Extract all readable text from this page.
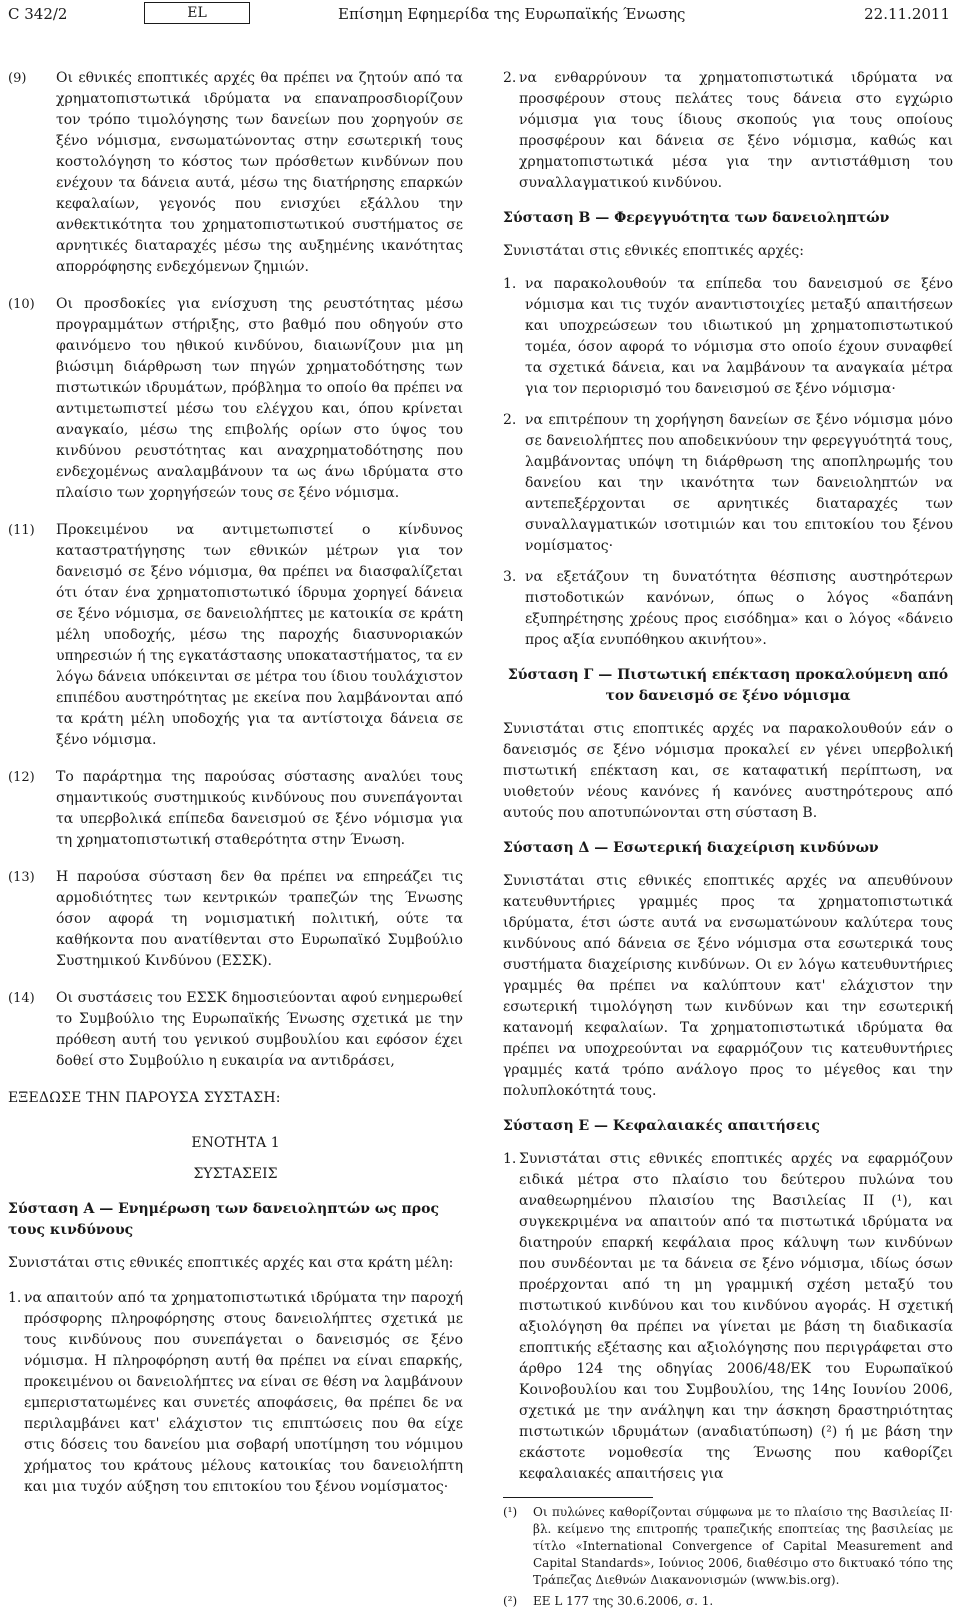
C 342/2	EL	Επίσημη Εφημερίδα της Ευρωπαϊκής Ένωσης	22.11.2011
(9)	Οι εθνικές εποπτικές αρχές θα πρέπει να ζητούν από τα χρηματοπιστωτικά ιδρύματα να επαναπροσδιορίζουν τον τρόπο τιμολόγησης των δανείων που χορηγούν σε ξένο νόμισμα, ενσωματώνοντας στην εσωτερική τους κοστολόγηση το κόστος των πρόσθετων κινδύνων που ενέχουν τα δάνεια αυτά, μέσω της διατήρησης επαρκών κεφαλαίων, γεγονός που ενισχύει εξάλλου την ανθεκτικότητα του χρηματοπιστωτικού συστήματος σε αρνητικές διαταραχές μέσω της αυξημένης ικανότητας απορρόφησης ενδεχόμενων ζημιών.
(10)	Οι προσδοκίες για ενίσχυση της ρευστότητας μέσω προγραμμάτων στήριξης, στο βαθμό που οδηγούν στο φαινόμενο του ηθικού κινδύνου, διαιωνίζουν μια μη βιώσιμη διάρθρωση των πηγών χρηματοδότησης των πιστωτικών ιδρυμάτων, πρόβλημα το οποίο θα πρέπει να αντιμετωπιστεί μέσω του ελέγχου και, όπου κρίνεται αναγκαίο, μέσω της επιβολής ορίων στο ύψος του κινδύνου ρευστότητας και αναχρηματοδότησης που ενδεχομένως αναλαμβάνουν τα ως άνω ιδρύματα στο πλαίσιο των χορηγήσεών τους σε ξένο νόμισμα.
(11)	Προκειμένου να αντιμετωπιστεί ο κίνδυνος καταστρατήγησης των εθνικών μέτρων για τον δανεισμό σε ξένο νόμισμα, θα πρέπει να διασφαλίζεται ότι όταν ένα χρηματοπιστωτικό ίδρυμα χορηγεί δάνεια σε ξένο νόμισμα, σε δανειολήπτες με κατοικία σε κράτη μέλη υποδοχής, μέσω της παροχής διασυνοριακών υπηρεσιών ή της εγκατάστασης υποκαταστήματος, τα εν λόγω δάνεια υπόκεινται σε μέτρα του ίδιου τουλάχιστον επιπέδου αυστηρότητας με εκείνα που λαμβάνονται από τα κράτη μέλη υποδοχής για τα αντίστοιχα δάνεια σε ξένο νόμισμα.
(12)	Το παράρτημα της παρούσας σύστασης αναλύει τους σημαντικούς συστημικούς κινδύνους που συνεπάγονται τα υπερβολικά επίπεδα δανεισμού σε ξένο νόμισμα για τη χρηματοπιστωτική σταθερότητα στην Ένωση.
(13)	Η παρούσα σύσταση δεν θα πρέπει να επηρεάζει τις αρμοδιότητες των κεντρικών τραπεζών της Ένωσης όσον αφορά τη νομισματική πολιτική, ούτε τα καθήκοντα που ανατίθενται στο Ευρωπαϊκό Συμβούλιο Συστημικού Κινδύνου (ΕΣΣΚ).
(14)	Οι συστάσεις του ΕΣΣΚ δημοσιεύονται αφού ενημερωθεί το Συμβούλιο της Ευρωπαϊκής Ένωσης σχετικά με την πρόθεση αυτή του γενικού συμβουλίου και εφόσον έχει δοθεί στο Συμβούλιο η ευκαιρία να αντιδράσει,

ΕΞΕΔΩΣΕ ΤΗΝ ΠΑΡΟΥΣΑ ΣΥΣΤΑΣΗ:

ΕΝΟΤΗΤΑ 1

ΣΥΣΤΑΣΕΙΣ

Σύσταση Α — Ενημέρωση των δανειοληπτών ως προς τους κινδύνους

Συνιστάται στις εθνικές εποπτικές αρχές και στα κράτη μέλη:

1. να απαιτούν από τα χρηματοπιστωτικά ιδρύματα την παροχή πρόσφορης πληροφόρησης στους δανειολήπτες σχετικά με τους κινδύνους που συνεπάγεται ο δανεισμός σε ξένο νόμισμα. Η πληροφόρηση αυτή θα πρέπει να είναι επαρκής, προκειμένου οι δανειολήπτες να είναι σε θέση να λαμβάνουν εμπεριστατωμένες και συνετές αποφάσεις, θα πρέπει δε να περιλαμβάνει κατ' ελάχιστον τις επιπτώσεις που θα είχε στις δόσεις του δανείου μια σοβαρή υποτίμηση του νόμιμου χρήματος του κράτους μέλους κατοικίας του δανειολήπτη και μια τυχόν αύξηση του επιτοκίου του ξένου νομίσματος·
2. να ενθαρρύνουν τα χρηματοπιστωτικά ιδρύματα να προσφέρουν στους πελάτες τους δάνεια στο εγχώριο νόμισμα για τους ίδιους σκοπούς για τους οποίους προσφέρουν και δάνεια σε ξένο νόμισμα, καθώς και χρηματοπιστωτικά μέσα για την αντιστάθμιση του συναλλαγματικού κινδύνου.

Σύσταση Β — Φερεγγυότητα των δανειοληπτών

Συνιστάται στις εθνικές εποπτικές αρχές:

1. να παρακολουθούν τα επίπεδα του δανεισμού σε ξένο νόμισμα και τις τυχόν αναντιστοιχίες μεταξύ απαιτήσεων και υποχρεώσεων του ιδιωτικού μη χρηματοπιστωτικού τομέα, όσον αφορά το νόμισμα στο οποίο έχουν συναφθεί τα σχετικά δάνεια, και να λαμβάνουν τα αναγκαία μέτρα για τον περιορισμό του δανεισμού σε ξένο νόμισμα·
2. να επιτρέπουν τη χορήγηση δανείων σε ξένο νόμισμα μόνο σε δανειολήπτες που αποδεικνύουν την φερεγγυότητά τους, λαμβάνοντας υπόψη τη διάρθρωση της αποπληρωμής του δανείου και την ικανότητα των δανειοληπτών να αντεπεξέρχονται σε αρνητικές διαταραχές των συναλλαγματικών ισοτιμιών και του επιτοκίου του ξένου νομίσματος·
3. να εξετάζουν τη δυνατότητα θέσπισης αυστηρότερων πιστοδοτικών κανόνων, όπως ο λόγος «δαπάνη εξυπηρέτησης χρέους προς εισόδημα» και ο λόγος «δάνειο προς αξία ενυπόθηκου ακινήτου».

Σύσταση Γ — Πιστωτική επέκταση προκαλούμενη από τον δανεισμό σε ξένο νόμισμα

Συνιστάται στις εποπτικές αρχές να παρακολουθούν εάν ο δανεισμός σε ξένο νόμισμα προκαλεί εν γένει υπερβολική πιστωτική επέκταση και, σε καταφατική περίπτωση, να υιοθετούν νέους κανόνες ή κανόνες αυστηρότερους από αυτούς που αποτυπώνονται στη σύσταση Β.

Σύσταση Δ — Εσωτερική διαχείριση κινδύνων

Συνιστάται στις εθνικές εποπτικές αρχές να απευθύνουν κατευθυντήριες γραμμές προς τα χρηματοπιστωτικά ιδρύματα, έτσι ώστε αυτά να ενσωματώνουν καλύτερα τους κινδύνους από δάνεια σε ξένο νόμισμα στα εσωτερικά τους συστήματα διαχείρισης κινδύνων. Οι εν λόγω κατευθυντήριες γραμμές θα πρέπει να καλύπτουν κατ' ελάχιστον την εσωτερική τιμολόγηση των κινδύνων και την εσωτερική κατανομή κεφαλαίων. Τα χρηματοπιστωτικά ιδρύματα θα πρέπει να υποχρεούνται να εφαρμόζουν τις κατευθυντήριες γραμμές κατά τρόπο ανάλογο προς το μέγεθος και την πολυπλοκότητά τους.

Σύσταση Ε — Κεφαλαιακές απαιτήσεις

1. Συνιστάται στις εθνικές εποπτικές αρχές να εφαρμόζουν ειδικά μέτρα στο πλαίσιο του δεύτερου πυλώνα του αναθεωρημένου πλαισίου της Βασιλείας ΙΙ (¹), και συγκεκριμένα να απαιτούν από τα πιστωτικά ιδρύματα να διατηρούν επαρκή κεφάλαια προς κάλυψη των κινδύνων που συνδέονται με τα δάνεια σε ξένο νόμισμα, ιδίως όσων προέρχονται από τη μη γραμμική σχέση μεταξύ του πιστωτικού κινδύνου και του κινδύνου αγοράς. Η σχετική αξιολόγηση θα πρέπει να γίνεται με βάση τη διαδικασία εποπτικής εξέτασης και αξιολόγησης που περιγράφεται στο άρθρο 124 της οδηγίας 2006/48/ΕΚ του Ευρωπαϊκού Κοινοβουλίου και του Συμβουλίου, της 14ης Ιουνίου 2006, σχετικά με την ανάληψη και την άσκηση δραστηριότητας πιστωτικών ιδρυμάτων (αναδιατύπωση) (²) ή με βάση την εκάστοτε νομοθεσία της Ένωσης που καθορίζει κεφαλαιακές απαιτήσεις για
(¹)	Οι πυλώνες καθορίζονται σύμφωνα με το πλαίσιο της Βασιλείας ΙΙ· βλ. κείμενο της επιτροπής τραπεζικής εποπτείας της βασιλείας με τίτλο «International Convergence of Capital Measurement and Capital Standards», Ιούνιος 2006, διαθέσιμο στο δικτυακό τόπο της Τράπεζας Διεθνών Διακανονισμών (www.bis.org).
(²)	ΕΕ L 177 της 30.6.2006, σ. 1.
